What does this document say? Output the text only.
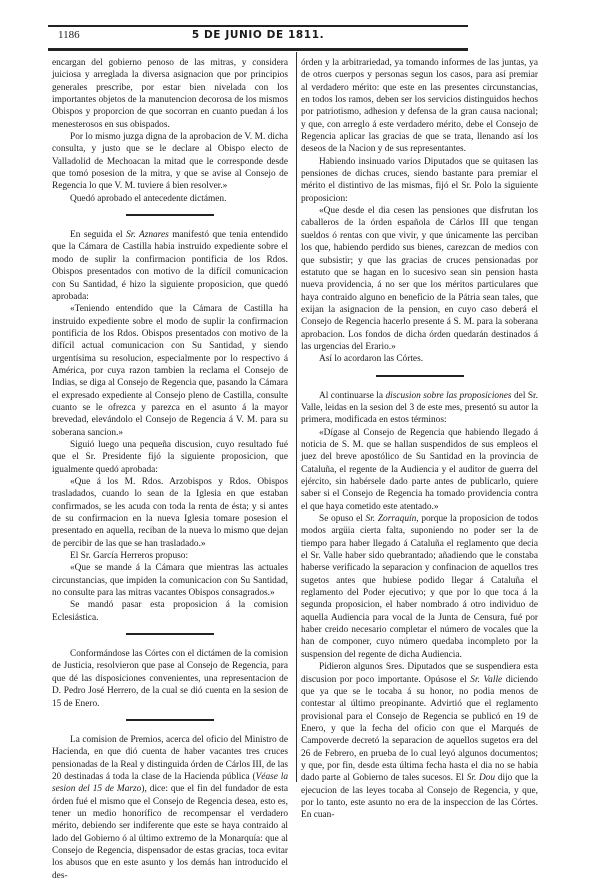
1186	5 DE JUNIO DE 1811.

encargan del gobierno penoso de las mitras, y considera juiciosa y arreglada la diversa asignacion que por principios generales prescribe, por estar bien nivelada con los importantes objetos de la manutencion decorosa de los mismos Obispos y proporcion de que socorran en cuanto puedan á los menesterosos en sus obispados.

Por lo mismo juzga digna de la aprobacion de V. M. dicha consulta, y justo que se le declare al Obispo electo de Valladolid de Mechoacan la mitad que le corresponde desde que tomó posesion de la mitra, y que se avise al Consejo de Regencia lo que V. M. tuviere á bien resolver.»

Quedó aprobado el antecedente dictámen.

En seguida el Sr. Aznares manifestó que tenia entendido que la Cámara de Castilla habia instruido expediente sobre el modo de suplir la confirmacion pontificia de los Rdos. Obispos presentados con motivo de la difícil comunicacion con Su Santidad, é hizo la siguiente proposicion, que quedó aprobada:

«Teniendo entendido que la Cámara de Castilla ha instruido expediente sobre el modo de suplir la confirmacion pontificia de los Rdos. Obispos presentados con motivo de la difícil actual comunicacion con Su Santidad, y siendo urgentísima su resolucion, especialmente por lo respectivo á América, por cuya razon tambien la reclama el Consejo de Indias, se diga al Consejo de Regencia que, pasando la Cámara el expresado expediente al Consejo pleno de Castilla, consulte cuanto se le ofrezca y parezca en el asunto á la mayor brevedad, elevándolo el Consejo de Regencia á V. M. para su soberana sancion.»

Siguió luego una pequeña discusion, cuyo resultado fué que el Sr. Presidente fijó la siguiente proposicion, que igualmente quedó aprobada:

«Que á los M. Rdos. Arzobispos y Rdos. Obispos trasladados, cuando lo sean de la Iglesia en que estaban confirmados, se les acuda con toda la renta de ésta; y si antes de su confirmacion en la nueva Iglesia tomare posesion el presentado en aquella, reciban de la nueva lo mismo que dejan de percibir de las que se han trasladado.»

El Sr. García Herreros propuso:

«Que se mande á la Cámara que mientras las actuales circunstancias, que impiden la comunicacion con Su Santidad, no consulte para las mitras vacantes Obispos consagrados.»

Se mandó pasar esta proposicion á la comision Eclesiástica.

Conformándose las Córtes con el dictámen de la comision de Justicia, resolvieron que pase al Consejo de Regencia, para que dé las disposiciones convenientes, una representacion de D. Pedro José Herrero, de la cual se dió cuenta en la sesion de 15 de Enero.

La comision de Premios, acerca del oficio del Ministro de Hacienda, en que dió cuenta de haber vacantes tres cruces pensionadas de la Real y distinguida órden de Cárlos III, de las 20 destinadas á toda la clase de la Hacienda pública (Véase la sesion del 15 de Marzo), dice: que el fin del fundador de esta órden fué el mismo que el Consejo de Regencia desea, esto es, tener un medio honorífico de recompensar el verdadero mérito, debiendo ser indiferente que este se haya contraido al lado del Gobierno ó al último extremo de la Monarquía: que al Consejo de Regencia, dispensador de estas gracias, toca evitar los abusos que en este asunto y los demás han introducido el des-

órden y la arbitrariedad, ya tomando informes de las juntas, ya de otros cuerpos y personas segun los casos, para así premiar al verdadero mérito: que este en las presentes circunstancias, en todos los ramos, deben ser los servicios distinguidos hechos por patriotismo, adhesion y defensa de la gran causa nacional; y que, con arreglo á este verdadero mérito, debe el Consejo de Regencia aplicar las gracias de que se trata, llenando así los deseos de la Nacion y de sus representantes.

Habiendo insinuado varios Diputados que se quitasen las pensiones de dichas cruces, siendo bastante para premiar el mérito el distintivo de las mismas, fijó el Sr. Polo la siguiente proposicion:

«Que desde el dia cesen las pensiones que disfrutan los caballeros de la órden española de Cárlos III que tengan sueldos ó rentas con que vivir, y que únicamente las perciban los que, habiendo perdido sus bienes, carezcan de medios con que subsistir; y que las gracias de cruces pensionadas por estatuto que se hagan en lo sucesivo sean sin pension hasta nueva providencia, á no ser que los méritos particulares que haya contraido alguno en beneficio de la Pátria sean tales, que exijan la asignacion de la pension, en cuyo caso deberá el Consejo de Regencia hacerlo presente á S. M. para la soberana aprobacion. Los fondos de dicha órden quedarán destinados á las urgencias del Erario.»

Así lo acordaron las Córtes.

Al continuarse la discusion sobre las proposiciones del Sr. Valle, leidas en la sesion del 3 de este mes, presentó su autor la primera, modificada en estos términos:

«Dígase al Consejo de Regencia que habiendo llegado á noticia de S. M. que se hallan suspendidos de sus empleos el juez del breve apostólico de Su Santidad en la provincia de Cataluña, el regente de la Audiencia y el auditor de guerra del ejército, sin habérsele dado parte antes de publicarlo, quiere saber si el Consejo de Regencia ha tomado providencia contra el que haya cometido este atentado.»

Se opuso el Sr. Zorraquín, porque la proposicion de todos modos argüia cierta falta, suponiendo no poder ser la de tiempo para haber llegado á Cataluña el reglamento que decia el Sr. Valle haber sido quebrantado; añadiendo que le constaba haberse verificado la separacion y confinacion de aquellos tres sugetos antes que hubiese podido llegar á Cataluña el reglamento del Poder ejecutivo; y que por lo que toca á la segunda proposicion, el haber nombrado á otro individuo de aquella Audiencia para vocal de la Junta de Censura, fué por haber creido necesario completar el número de vocales que la han de componer, cuyo número quedaba incompleto por la suspension del regente de dicha Audiencia.

Pidieron algunos Sres. Diputados que se suspendiera esta discusion por poco importante. Opúsose el Sr. Valle diciendo que ya que se le tocaba á su honor, no podia menos de contestar al último preopinante. Advirtió que el reglamento provisional para el Consejo de Regencia se publicó en 19 de Enero, y que la fecha del oficio con que el Marqués de Campoverde decretó la separacion de aquellos sugetos era del 26 de Febrero, en prueba de lo cual leyó algunos documentos; y que, por fin, desde esta última fecha hasta el dia no se habia dado parte al Gobierno de tales sucesos. El Sr. Dou dijo que la ejecucion de las leyes tocaba al Consejo de Regencia, y que, por lo tanto, este asunto no era de la inspeccion de las Córtes. En cuan-
